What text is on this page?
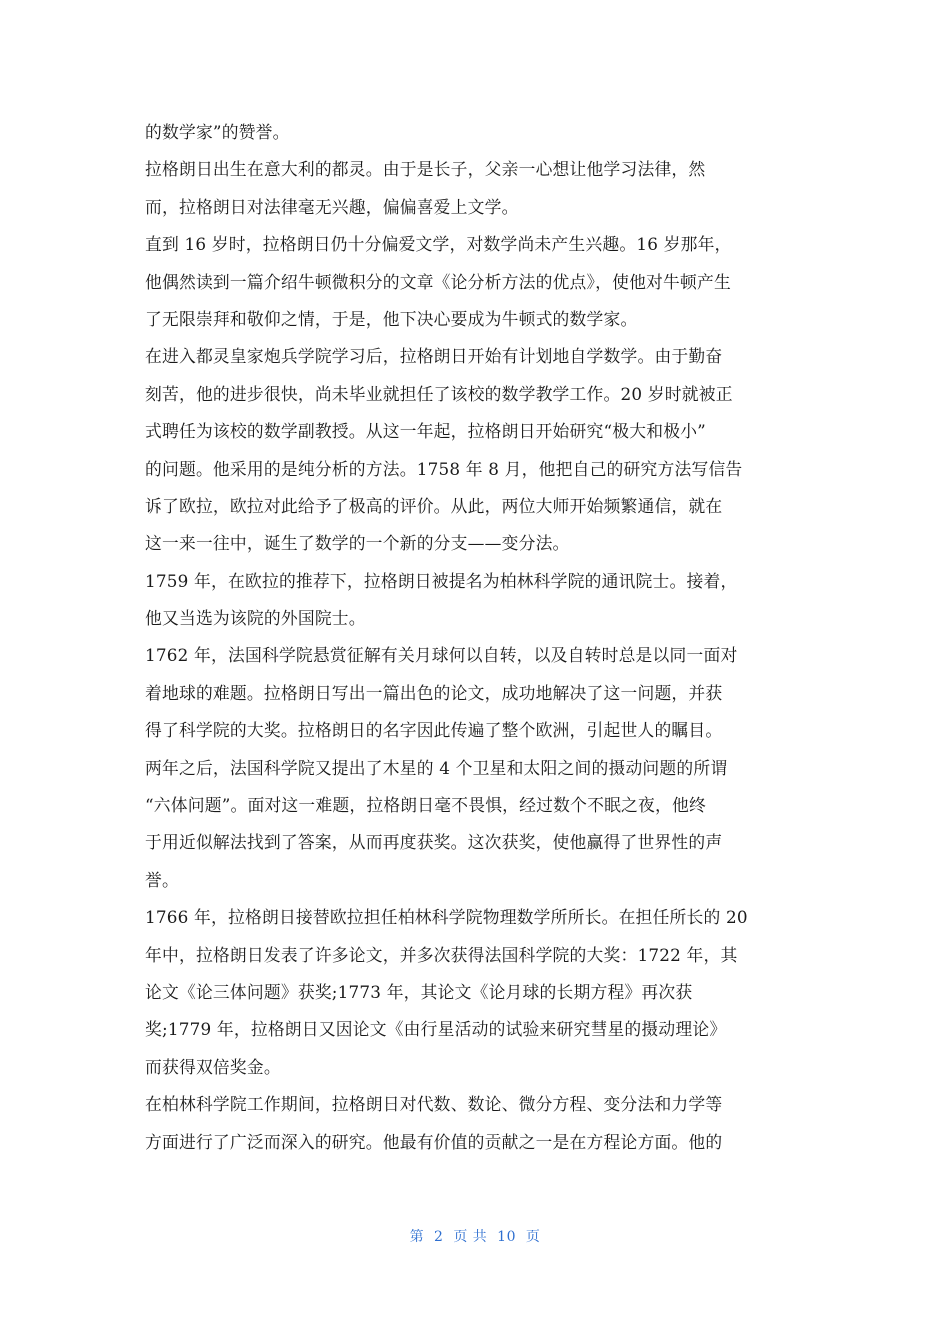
的数学家”的赞誉。
拉格朗日出生在意大利的都灵。由于是长子，父亲一心想让他学习法律，然
而，拉格朗日对法律毫无兴趣，偏偏喜爱上文学。
直到 16 岁时，拉格朗日仍十分偏爱文学，对数学尚未产生兴趣。16 岁那年，
他偶然读到一篇介绍牛顿微积分的文章《论分析方法的优点》，使他对牛顿产生
了无限崇拜和敬仰之情，于是，他下决心要成为牛顿式的数学家。
在进入都灵皇家炮兵学院学习后，拉格朗日开始有计划地自学数学。由于勤奋
刻苦，他的进步很快，尚未毕业就担任了该校的数学教学工作。20 岁时就被正
式聘任为该校的数学副教授。从这一年起，拉格朗日开始研究“极大和极小”
的问题。他采用的是纯分析的方法。1758 年 8 月，他把自己的研究方法写信告
诉了欧拉，欧拉对此给予了极高的评价。从此，两位大师开始频繁通信，就在
这一来一往中，诞生了数学的一个新的分支——变分法。
1759 年，在欧拉的推荐下，拉格朗日被提名为柏林科学院的通讯院士。接着，
他又当选为该院的外国院士。
1762 年，法国科学院悬赏征解有关月球何以自转，以及自转时总是以同一面对
着地球的难题。拉格朗日写出一篇出色的论文，成功地解决了这一问题，并获
得了科学院的大奖。拉格朗日的名字因此传遍了整个欧洲，引起世人的瞩目。
两年之后，法国科学院又提出了木星的 4 个卫星和太阳之间的摄动问题的所谓
“六体问题”。面对这一难题，拉格朗日毫不畏惧，经过数个不眠之夜，他终
于用近似解法找到了答案，从而再度获奖。这次获奖，使他赢得了世界性的声
誉。
1766 年，拉格朗日接替欧拉担任柏林科学院物理数学所所长。在担任所长的 20
年中，拉格朗日发表了许多论文，并多次获得法国科学院的大奖：1722 年，其
论文《论三体问题》获奖;1773 年，其论文《论月球的长期方程》再次获
奖;1779 年，拉格朗日又因论文《由行星活动的试验来研究彗星的摄动理论》
而获得双倍奖金。
在柏林科学院工作期间，拉格朗日对代数、数论、微分方程、变分法和力学等
方面进行了广泛而深入的研究。他最有价值的贡献之一是在方程论方面。他的
第  2  页 共  10  页
